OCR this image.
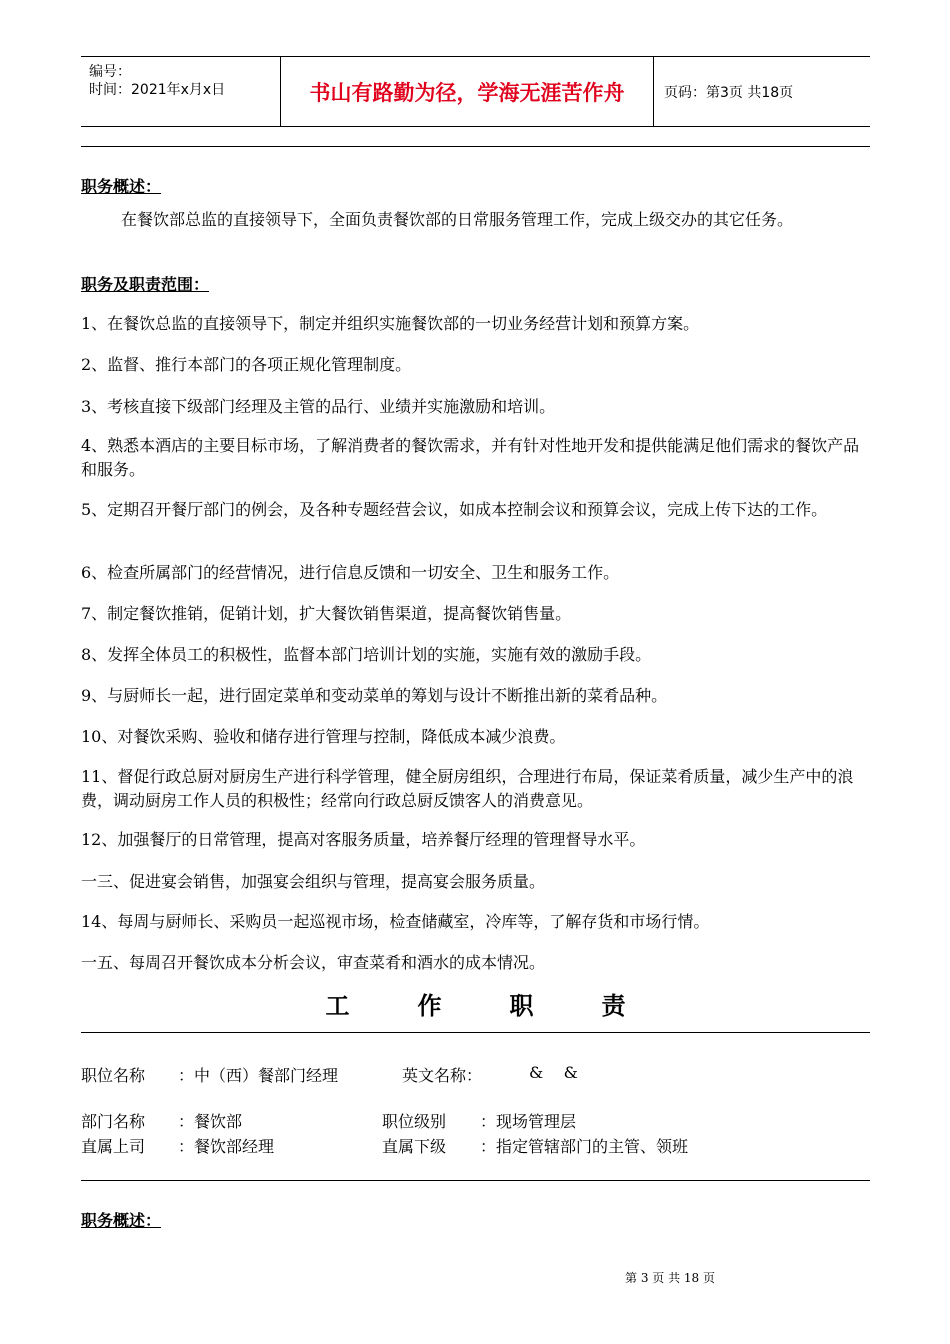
编号：
时间：2021年x月x日	书山有路勤为径，学海无涯苦作舟	页码：第3页 共18页
职务概述：
在餐饮部总监的直接领导下，全面负责餐饮部的日常服务管理工作，完成上级交办的其它任务。
职务及职责范围：
1、在餐饮总监的直接领导下，制定并组织实施餐饮部的一切业务经营计划和预算方案。
2、监督、推行本部门的各项正规化管理制度。
3、考核直接下级部门经理及主管的品行、业绩并实施激励和培训。
4、熟悉本酒店的主要目标市场，了解消费者的餐饮需求，并有针对性地开发和提供能满足他们需求的餐饮产品和服务。
5、定期召开餐厅部门的例会，及各种专题经营会议，如成本控制会议和预算会议，完成上传下达的工作。
6、检查所属部门的经营情况，进行信息反馈和一切安全、卫生和服务工作。
7、制定餐饮推销，促销计划，扩大餐饮销售渠道，提高餐饮销售量。
8、发挥全体员工的积极性，监督本部门培训计划的实施，实施有效的激励手段。
9、与厨师长一起，进行固定菜单和变动菜单的筹划与设计不断推出新的菜肴品种。
10、对餐饮采购、验收和储存进行管理与控制，降低成本减少浪费。
11、督促行政总厨对厨房生产进行科学管理，健全厨房组织，合理进行布局，保证菜肴质量，减少生产中的浪费，调动厨房工作人员的积极性；经常向行政总厨反馈客人的消费意见。
12、加强餐厅的日常管理，提高对客服务质量，培养餐厅经理的管理督导水平。
一三、促进宴会销售，加强宴会组织与管理，提高宴会服务质量。
14、每周与厨师长、采购员一起巡视市场，检查储藏室，冷库等，了解存货和市场行情。
一五、每周召开餐饮成本分析会议，审查菜肴和酒水的成本情况。
工	作	职	责
职位名称 ：中（西）餐部门经理	英文名称：	&    &
部门名称 ：餐饮部	职位级别 ：现场管理层
直属上司 ：餐饮部经理	直属下级 ：指定管辖部门的主管、领班
职务概述：
第 3 页 共 18 页
